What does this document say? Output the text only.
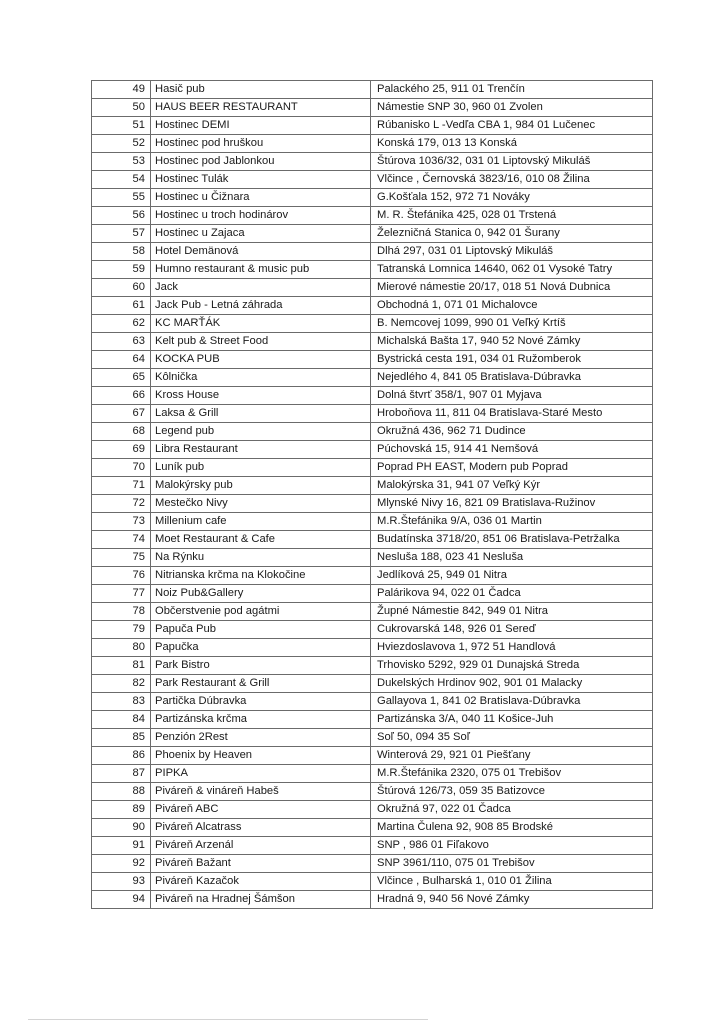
49	Hasič pub	Palackého 25, 911 01 Trenčín
50	HAUS BEER RESTAURANT	Námestie SNP 30, 960 01 Zvolen
51	Hostinec DEMI	Rúbanisko L -Vedľa CBA 1, 984 01 Lučenec
52	Hostinec pod hruškou	Konská 179, 013 13 Konská
53	Hostinec pod Jablonkou	Štúrova 1036/32, 031 01 Liptovský Mikuláš
54	Hostinec Tulák	Vlčince , Černovská 3823/16, 010 08 Žilina
55	Hostinec u Čižnara	G.Košťala 152, 972 71 Nováky
56	Hostinec u troch hodinárov	M. R. Štefánika 425, 028 01 Trstená
57	Hostinec u Zajaca	Železničná Stanica 0, 942 01 Šurany
58	Hotel Demänová	Dlhá 297, 031 01 Liptovský Mikuláš
59	Humno restaurant & music pub	Tatranská Lomnica 14640, 062 01 Vysoké Tatry
60	Jack	Mierové námestie 20/17, 018 51 Nová Dubnica
61	Jack Pub - Letná záhrada	Obchodná 1, 071 01 Michalovce
62	KC MARŤÁK	B. Nemcovej 1099, 990 01 Veľký Krtíš
63	Kelt pub & Street Food	Michalská Bašta 17, 940 52 Nové Zámky
64	KOCKA PUB	Bystrická cesta 191, 034 01 Ružomberok
65	Kôlnička	Nejedlého 4, 841 05 Bratislava-Dúbravka
66	Kross House	Dolná štvrť 358/1, 907 01 Myjava
67	Laksa & Grill	Hroboňova 11, 811 04 Bratislava-Staré Mesto
68	Legend pub	Okružná 436, 962 71 Dudince
69	Libra Restaurant	Púchovská 15, 914 41 Nemšová
70	Luník pub	Poprad PH EAST, Modern pub Poprad
71	Malokýrsky pub	Malokýrska 31, 941 07 Veľký Kýr
72	Mestečko Nivy	Mlynské Nivy 16, 821 09 Bratislava-Ružinov
73	Millenium cafe	M.R.Štefánika 9/A, 036 01 Martin
74	Moet Restaurant & Cafe	Budatínska 3718/20, 851 06 Bratislava-Petržalka
75	Na Rýnku	Nesluša 188, 023 41 Nesluša
76	Nitrianska krčma na Klokočine	Jedlíková 25, 949 01 Nitra
77	Noiz Pub&Gallery	Palárikova 94, 022 01 Čadca
78	Občerstvenie pod agátmi	Župné Námestie 842, 949 01 Nitra
79	Papuča Pub	Cukrovarská 148, 926 01 Sereď
80	Papučka	Hviezdoslavova 1, 972 51 Handlová
81	Park Bistro	Trhovisko 5292, 929 01 Dunajská Streda
82	Park Restaurant & Grill	Dukelských Hrdinov 902, 901 01 Malacky
83	Partička Dúbravka	Gallayova 1, 841 02 Bratislava-Dúbravka
84	Partizánska krčma	Partizánska 3/A, 040 11 Košice-Juh
85	Penzión 2Rest	Soľ 50, 094 35 Soľ
86	Phoenix by Heaven	Winterová 29, 921 01 Piešťany
87	PIPKA	M.R.Štefánika 2320, 075 01 Trebišov
88	Piváreň & vináreň Habeš	Štúrová 126/73, 059 35 Batizovce
89	Piváreň ABC	Okružná 97, 022 01 Čadca
90	Piváreň Alcatrass	Martina Čulena 92, 908 85 Brodské
91	Piváreň Arzenál	SNP , 986 01 Fiľakovo
92	Piváreň Bažant	SNP 3961/110, 075 01 Trebišov
93	Piváreň Kazačok	Vlčince , Bulharská 1, 010 01 Žilina
94	Piváreň na Hradnej Šámšon	Hradná 9, 940 56 Nové Zámky
